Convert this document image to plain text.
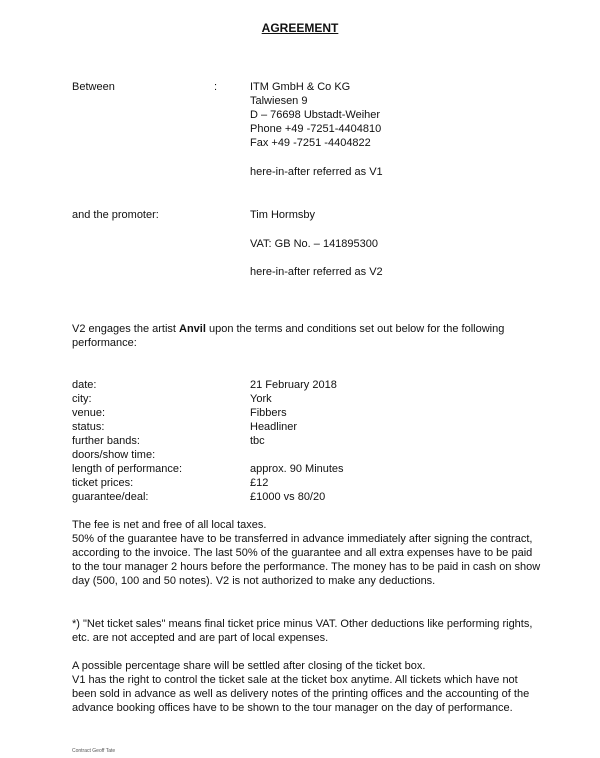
AGREEMENT
Between	:	ITM GmbH & Co KG
Talwiesen 9
D – 76698 Ubstadt-Weiher
Phone +49 -7251-4404810
Fax +49 -7251 -4404822
here-in-after referred as V1
and the promoter:	Tim Hormsby
VAT: GB No. – 141895300
here-in-after referred as V2
V2 engages the artist Anvil upon the terms and conditions set out below for the following performance:
date:	21 February 2018
city:	York
venue:	Fibbers
status:	Headliner
further bands:	tbc
doors/show time:
length of performance:	approx. 90 Minutes
ticket prices:	£12
guarantee/deal:	£1000 vs 80/20
The fee is net and free of all local taxes.
50% of the guarantee have to be transferred in advance immediately after signing the contract, according to the invoice. The last 50% of the guarantee and all extra expenses have to be paid to the tour manager 2 hours before the performance. The money has to be paid in cash on show day (500, 100 and 50 notes). V2 is not authorized to make any deductions.
*) "Net ticket sales" means final ticket price minus VAT. Other deductions like performing rights, etc. are not accepted and are part of local expenses.
A possible percentage share will be settled after closing of the ticket box.
V1 has the right to control the ticket sale at the ticket box anytime. All tickets which have not been sold in advance as well as delivery notes of the printing offices and the accounting of the advance booking offices have to be shown to the tour manager on the day of performance.
Contract Geoff Tate
